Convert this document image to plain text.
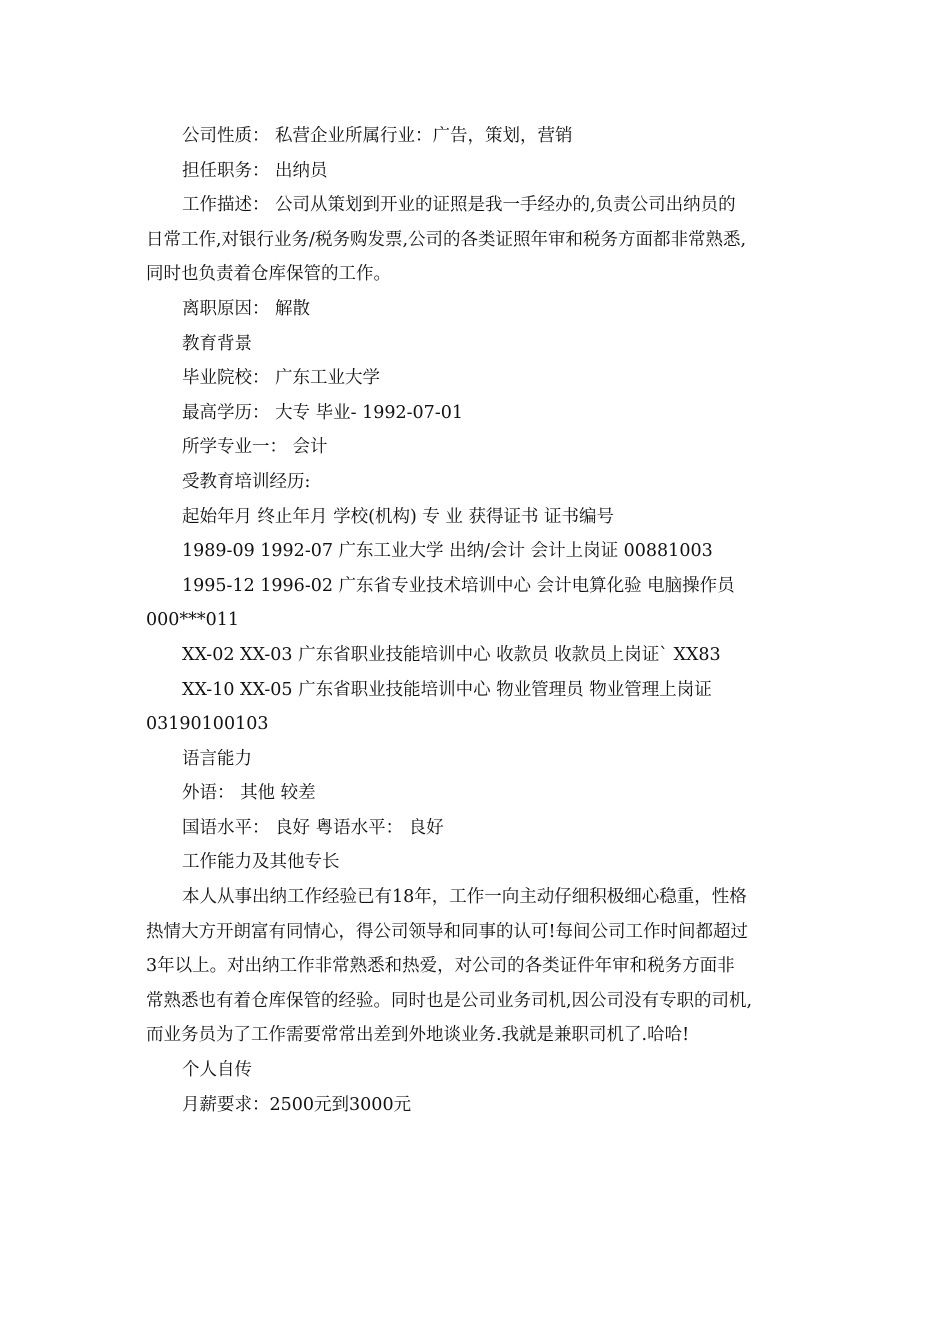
公司性质： 私营企业所属行业：广告，策划，营销
担任职务： 出纳员
工作描述： 公司从策划到开业的证照是我一手经办的,负责公司出纳员的
日常工作,对银行业务/税务购发票,公司的各类证照年审和税务方面都非常熟悉,
同时也负责着仓库保管的工作。
离职原因： 解散
教育背景
毕业院校： 广东工业大学
最高学历： 大专 毕业- 1992-07-01
所学专业一： 会计
受教育培训经历:
起始年月 终止年月 学校(机构) 专 业 获得证书 证书编号
1989-09 1992-07 广东工业大学 出纳/会计 会计上岗证 00881003
1995-12 1996-02 广东省专业技术培训中心 会计电算化验 电脑操作员
000***011
XX-02 XX-03 广东省职业技能培训中心 收款员 收款员上岗证` XX83
XX-10 XX-05 广东省职业技能培训中心 物业管理员 物业管理上岗证
03190100103
语言能力
外语： 其他 较差
国语水平： 良好 粤语水平： 良好
工作能力及其他专长
本人从事出纳工作经验已有18年，工作一向主动仔细积极细心稳重，性格
热情大方开朗富有同情心，得公司领导和同事的认可!每间公司工作时间都超过
3年以上。对出纳工作非常熟悉和热爱，对公司的各类证件年审和税务方面非
常熟悉也有着仓库保管的经验。同时也是公司业务司机,因公司没有专职的司机,
而业务员为了工作需要常常出差到外地谈业务.我就是兼职司机了.哈哈!
个人自传
月薪要求：2500元到3000元
